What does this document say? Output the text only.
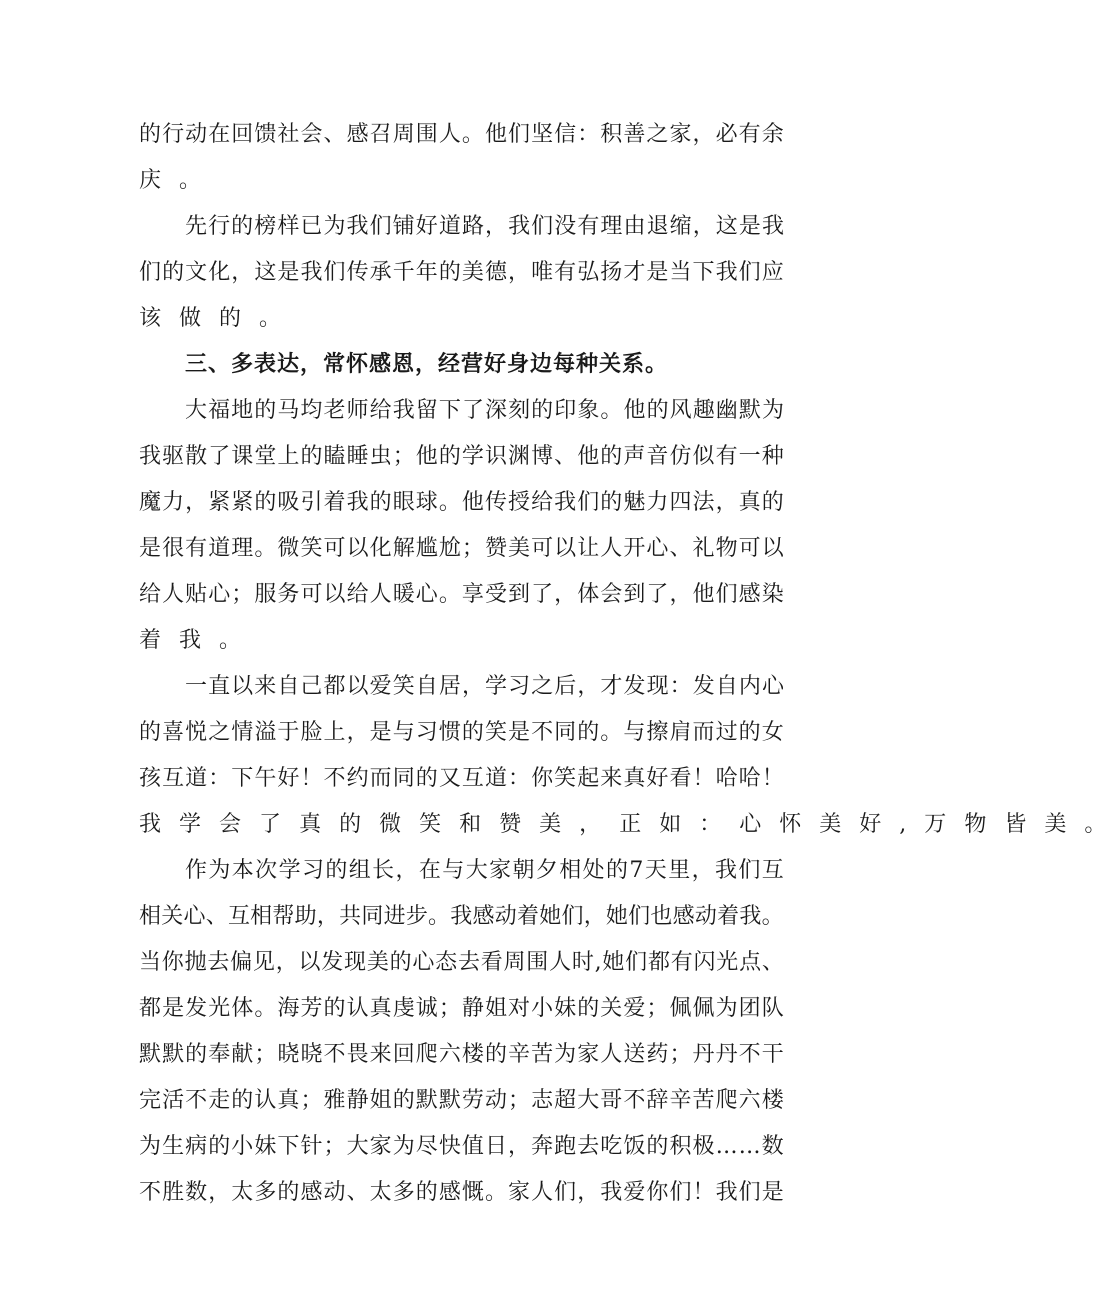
的 行 动 在 回 馈 社 会 、 感 召 周 围 人 。 他 们 坚 信 ： 积 善 之 家 ， 必 有 余
庆 。
先 行 的 榜 样 已 为 我 们 铺 好 道 路 ， 我 们 没 有 理 由 退 缩 ， 这 是 我
们 的 文 化 ， 这 是 我 们 传 承 千 年 的 美 德 ， 唯 有 弘 扬 才 是 当 下 我 们 应
该 做 的 。
三、多表达，常怀感恩，经营好身边每种关系。
大 福 地 的 马 均 老 师 给 我 留 下 了 深 刻 的 印 象 。 他 的 风 趣 幽 默 为
我 驱 散 了 课 堂 上 的 瞌 睡 虫 ； 他 的 学 识 渊 博 、 他 的 声 音 仿 似 有 一 种
魔 力 ， 紧 紧 的 吸 引 着 我 的 眼 球 。 他 传 授 给 我 们 的 魅 力 四 法 ， 真 的
是 很 有 道 理 。 微 笑 可 以 化 解 尴 尬 ； 赞 美 可 以 让 人 开 心 、 礼 物 可 以
给 人 贴 心 ； 服 务 可 以 给 人 暖 心 。 享 受 到 了 ， 体 会 到 了 ， 他 们 感 染
着 我 。
一 直 以 来 自 己 都 以 爱 笑 自 居 ， 学 习 之 后 ， 才 发 现 ： 发 自 内 心
的 喜 悦 之 情 溢 于 脸 上 ， 是 与 习 惯 的 笑 是 不 同 的 。 与 擦 肩 而 过 的 女
孩 互 道 ： 下 午 好 ！ 不 约 而 同 的 又 互 道 ： 你 笑 起 来 真 好 看 ！ 哈 哈 ！
我 学 会 了 真 的 微 笑 和 赞 美 ， 正 如 ： 心 怀 美 好 , 万 物 皆 美 。
作 为 本 次 学 习 的 组 长 ， 在 与 大 家 朝 夕 相 处 的 7 天 里 ， 我 们 互
相 关 心 、 互 相 帮 助 ， 共 同 进 步 。 我 感 动 着 她 们 ， 她 们 也 感 动 着 我 。
当 你 抛 去 偏 见 ， 以 发 现 美 的 心 态 去 看 周 围 人 时 , 她 们 都 有 闪 光 点 、
都 是 发 光 体 。 海 芳 的 认 真 虔 诚 ； 静 姐 对 小 妹 的 关 爱 ； 佩 佩 为 团 队
默 默 的 奉 献 ； 晓 晓 不 畏 来 回 爬 六 楼 的 辛 苦 为 家 人 送 药 ； 丹 丹 不 干
完 活 不 走 的 认 真 ； 雅 静 姐 的 默 默 劳 动 ； 志 超 大 哥 不 辞 辛 苦 爬 六 楼
为 生 病 的 小 妹 下 针 ； 大 家 为 尽 快 值 日 ， 奔 跑 去 吃 饭 的 积 极 … … 数
不 胜 数 ， 太 多 的 感 动 、 太 多 的 感 慨 。 家 人 们 ， 我 爱 你 们 ！ 我 们 是
